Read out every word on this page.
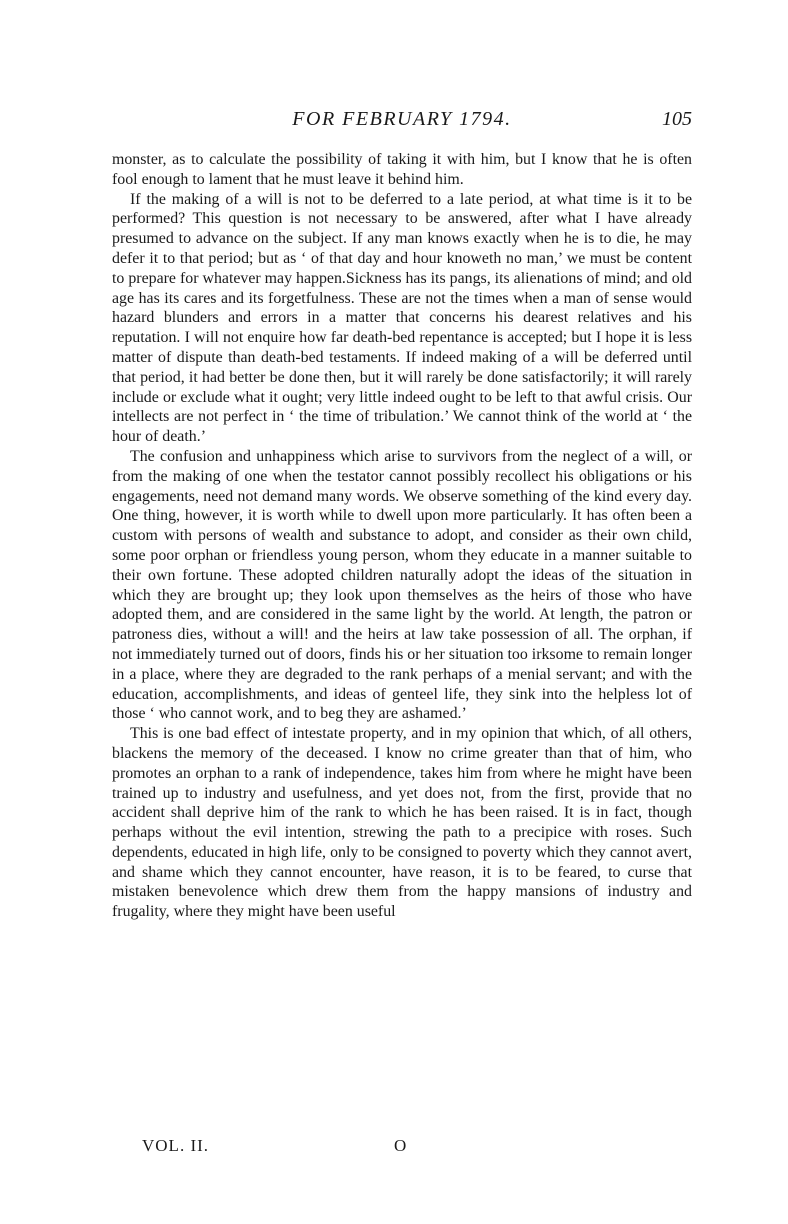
FOR FEBRUARY 1794.	105

monster, as to calculate the possibility of taking it with him, but I know that he is often fool enough to lament that he must leave it behind him.

If the making of a will is not to be deferred to a late period, at what time is it to be performed? This question is not necessary to be answered, after what I have already presumed to advance on the subject. If any man knows exactly when he is to die, he may defer it to that period; but as ‘ of that day and hour knoweth no man,’ we must be content to prepare for whatever may happen.Sickness has its pangs, its alienations of mind; and old age has its cares and its forgetfulness. These are not the times when a man of sense would hazard blunders and errors in a matter that concerns his dearest relatives and his reputation. I will not enquire how far death-bed repentance is accepted; but I hope it is less matter of dispute than death-bed testaments. If indeed making of a will be deferred until that period, it had better be done then, but it will rarely be done satisfactorily; it will rarely include or exclude what it ought; very little indeed ought to be left to that awful crisis. Our intellects are not perfect in ‘ the time of tribulation.’ We cannot think of the world at ‘ the hour of death.’

The confusion and unhappiness which arise to survivors from the neglect of a will, or from the making of one when the testator cannot possibly recollect his obligations or his engagements, need not demand many words. We observe something of the kind every day. One thing, however, it is worth while to dwell upon more particularly. It has often been a custom with persons of wealth and substance to adopt, and consider as their own child, some poor orphan or friendless young person, whom they educate in a manner suitable to their own fortune. These adopted children naturally adopt the ideas of the situation in which they are brought up; they look upon themselves as the heirs of those who have adopted them, and are considered in the same light by the world. At length, the patron or patroness dies, without a will! and the heirs at law take possession of all. The orphan, if not immediately turned out of doors, finds his or her situation too irksome to remain longer in a place, where they are degraded to the rank perhaps of a menial servant; and with the education, accomplishments, and ideas of genteel life, they sink into the helpless lot of those ‘ who cannot work, and to beg they are ashamed.’

This is one bad effect of intestate property, and in my opinion that which, of all others, blackens the memory of the deceased. I know no crime greater than that of him, who promotes an orphan to a rank of independence, takes him from where he might have been trained up to industry and usefulness, and yet does not, from the first, provide that no accident shall deprive him of the rank to which he has been raised. It is in fact, though perhaps without the evil intention, strewing the path to a precipice with roses. Such dependents, educated in high life, only to be consigned to poverty which they cannot avert, and shame which they cannot encounter, have reason, it is to be feared, to curse that mistaken benevolence which drew them from the happy mansions of industry and frugality, where they might have been useful

VOL. II.	O
